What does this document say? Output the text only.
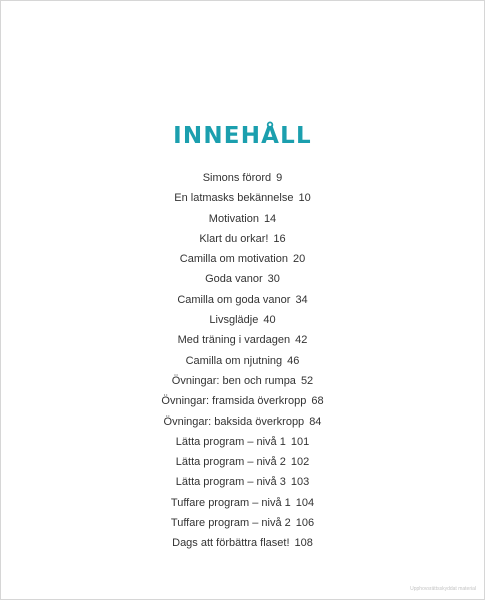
INNEHÅLL
Simons förord 9
En latmasks bekännelse 10
Motivation 14
Klart du orkar! 16
Camilla om motivation 20
Goda vanor 30
Camilla om goda vanor 34
Livsglädje 40
Med träning i vardagen 42
Camilla om njutning 46
Övningar: ben och rumpa 52
Övningar: framsida överkropp 68
Övningar: baksida överkropp 84
Lätta program – nivå 1 101
Lätta program – nivå 2 102
Lätta program – nivå 3 103
Tuffare program – nivå 1 104
Tuffare program – nivå 2 106
Dags att förbättra flaset! 108
Upphovsrättsskyddat material
